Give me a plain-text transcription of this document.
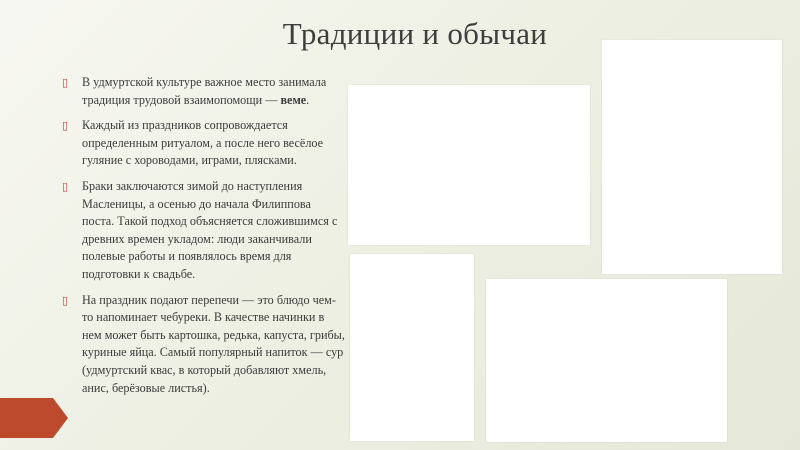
Традиции и обычаи
▯	В удмуртской культуре важное место занимала традиция трудовой взаимопомощи — веме.
▯	Каждый из праздников сопровождается определенным ритуалом, а после него весёлое гуляние с хороводами, играми, плясками.
▯	Браки заключаются зимой до наступления Масленицы, а осенью до начала Филиппова поста. Такой подход объясняется сложившимся с древних времен укладом: люди заканчивали полевые работы и появлялось время для подготовки к свадьбе.
▯	На праздник подают перепечи — это блюдо чем-то напоминает чебуреки. В качестве начинки в нем может быть картошка, редька, капуста, грибы, куриные яйца. Самый популярный напиток — сур (удмуртский квас, в который добавляют хмель, анис, берёзовые листья).
